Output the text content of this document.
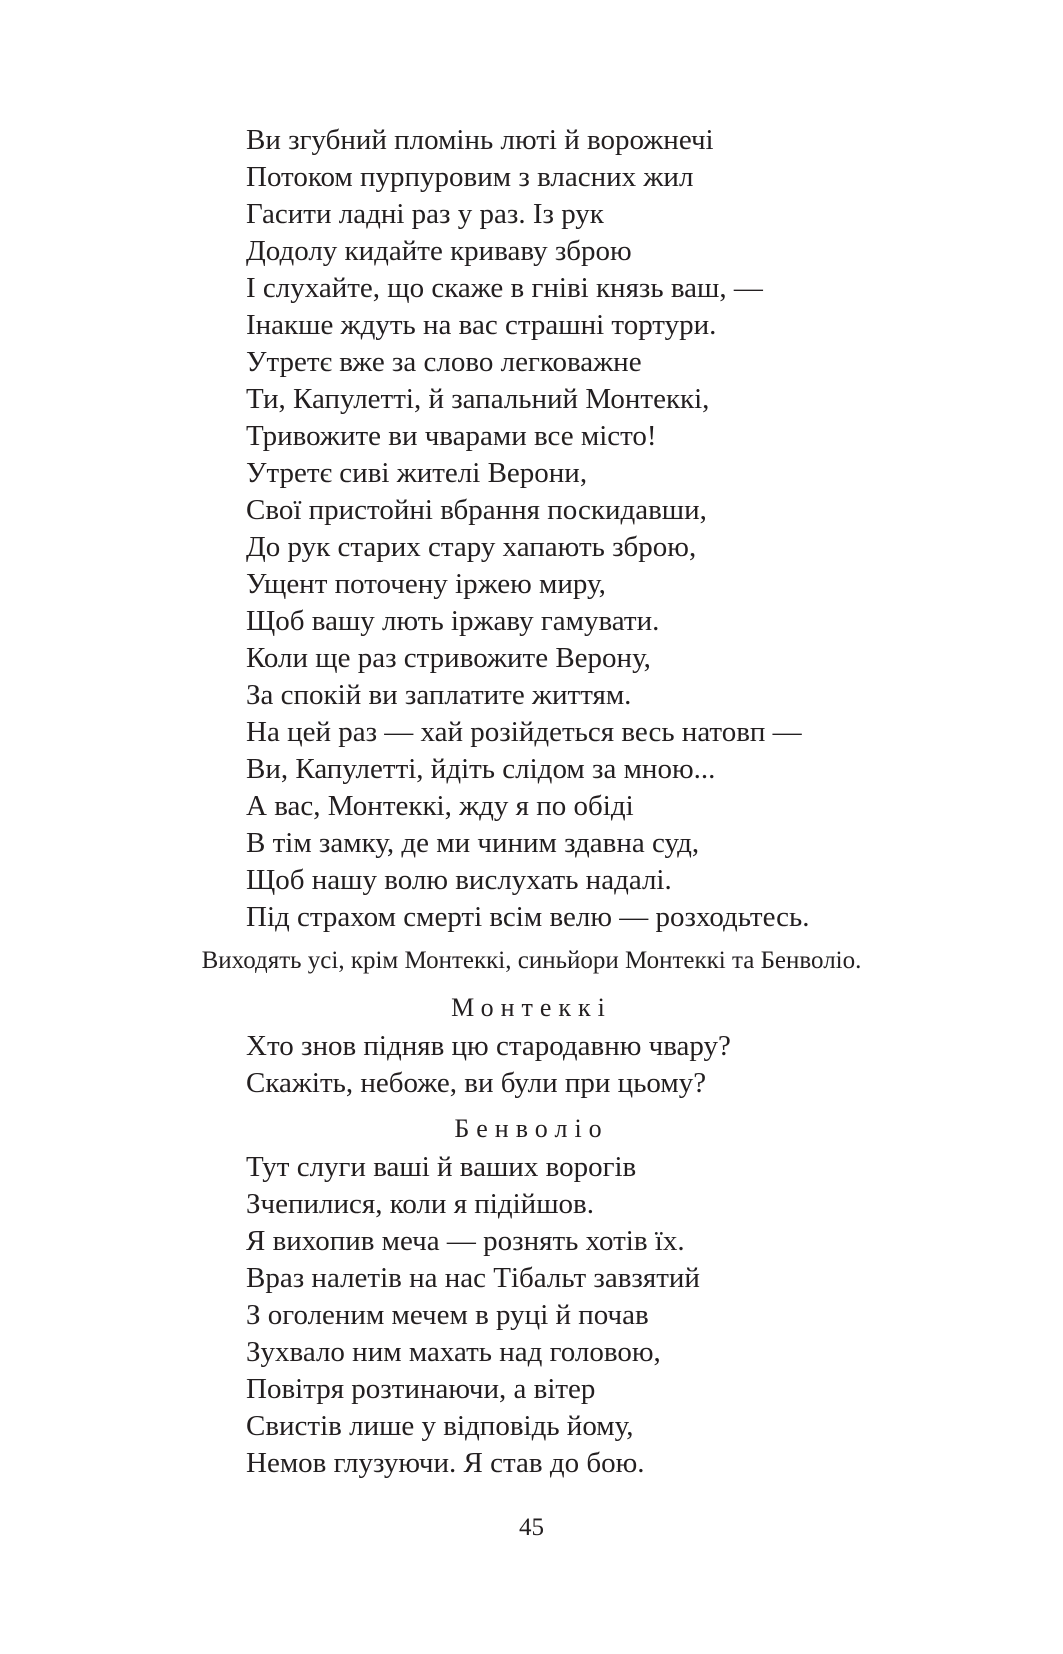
Ви згубний пломінь люті й ворожнечі
Потоком пурпуровим з власних жил
Гасити ладні раз у раз. Із рук
Додолу кидайте криваву зброю
І слухайте, що скаже в гніві князь ваш, —
Інакше ждуть на вас страшні тортури.
Утретє вже за слово легковажне
Ти, Капулетті, й запальний Монтеккі,
Тривожите ви чварами все місто!
Утретє сиві жителі Верони,
Свої пристойні вбрання поскидавши,
До рук старих стару хапають зброю,
Ущент поточену іржею миру,
Щоб вашу лють іржаву гамувати.
Коли ще раз стривожите Верону,
За спокій ви заплатите життям.
На цей раз — хай розійдеться весь натовп —
Ви, Капулетті, йдіть слідом за мною...
А вас, Монтеккі, жду я по обіді
В тім замку, де ми чиним здавна суд,
Щоб нашу волю вислухать надалі.
Під страхом смерті всім велю — розходьтесь.
Виходять усі, крім Монтеккі, синьйори Монтеккі та Бенволіо.
Монтеккі
Хто знов підняв цю стародавню чвару?
Скажіть, небоже, ви були при цьому?
Бенволіо
Тут слуги ваші й ваших ворогів
Зчепилися, коли я підійшов.
Я вихопив меча — рознять хотів їх.
Враз налетів на нас Тібальт завзятий
З оголеним мечем в руці й почав
Зухвало ним махать над головою,
Повітря розтинаючи, а вітер
Свистів лише у відповідь йому,
Немов глузуючи. Я став до бою.
45
